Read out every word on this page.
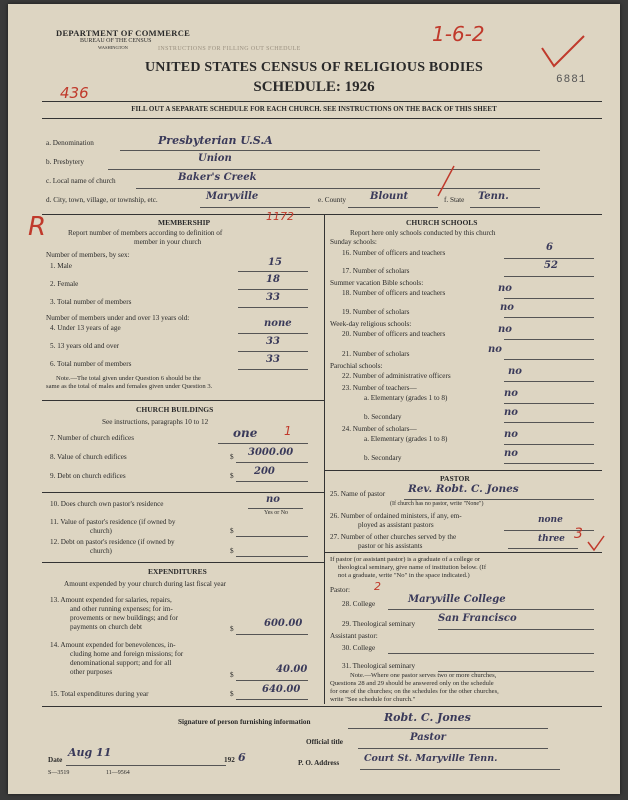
INSTRUCTIONS FOR FILLING OUT SCHEDULE
DEPARTMENT OF COMMERCE
BUREAU OF THE CENSUS
WASHINGTON
UNITED STATES CENSUS OF RELIGIOUS BODIES
SCHEDULE: 1926	6881
436
1-6-2
FILL OUT A SEPARATE SCHEDULE FOR EACH CHURCH. SEE INSTRUCTIONS ON THE BACK OF THIS SHEET
a. Denomination	Presbyterian U.S.A
b. Presbytery	Union
c. Local name of church	Baker's Creek
d. City, town, village, or township, etc.	Maryville	e. County Blount	f. State Tenn.
R	MEMBERSHIP	1172
Report number of members according to definition of
member in your church
Number of members, by sex:
1. Male	15
2. Female	18
3. Total number of members	33
Number of members under and over 13 years old:
4. Under 13 years of age	none
5. 13 years old and over	33
6. Total number of members	33
Note.—The total given under Question 6 should be the
same as the total of males and females given under Question 3.
CHURCH BUILDINGS
See instructions, paragraphs 10 to 12
7. Number of church edifices	one 1
8. Value of church edifices	$ 3000.00
9. Debt on church edifices	$ 200
10. Does church own pastor's residence	no
Yes or No
11. Value of pastor's residence (if owned by
church)	$
12. Debt on pastor's residence (if owned by
church)	$
EXPENDITURES
Amount expended by your church during last fiscal year
13. Amount expended for salaries, repairs,
and other running expenses; for im-
provements or new buildings; and for
payments on church debt	$	600.00
14. Amount expended for benevolences, in-
cluding home and foreign missions; for
denominational support; and for all
other purposes	$	40.00
15. Total expenditures during year	$	640.00
CHURCH SCHOOLS
Report here only schools conducted by this church
Sunday schools:
16. Number of officers and teachers	6
17. Number of scholars	52
Summer vacation Bible schools:
18. Number of officers and teachers	no
19. Number of scholars	no
Week-day religious schools:
20. Number of officers and teachers	no
21. Number of scholars	no
Parochial schools:
22. Number of administrative officers	no
23. Number of teachers—
a. Elementary (grades 1 to 8)	no
b. Secondary	no
24. Number of scholars—
a. Elementary (grades 1 to 8)	no
b. Secondary	no
PASTOR
25. Name of pastor Rev. Robt. C. Jones
(If church has no pastor, write "None")
26. Number of ordained ministers, if any, em-
ployed as assistant pastors	none
27. Number of other churches served by the
pastor or his assistants
three 3
If pastor (or assistant pastor) is a graduate of a college or
theological seminary, give name of institution below. (If
not a graduate, write "No" in the space indicated.)
Pastor: 2
28. College	Maryville College
29. Theological seminary San Francisco
Assistant pastor:
30. College
31. Theological seminary
Note.—Where one pastor serves two or more churches,
Questions 28 and 29 should be answered only on the schedule
for one of the churches; on the schedules for the other churches,
write "See schedule for church."
Signature of person furnishing information	Robt. C. Jones
Official title	Pastor
Date
Aug 11
192 6	P. O. Address	Court St. Maryville Tenn.
S—3519	11—9564
